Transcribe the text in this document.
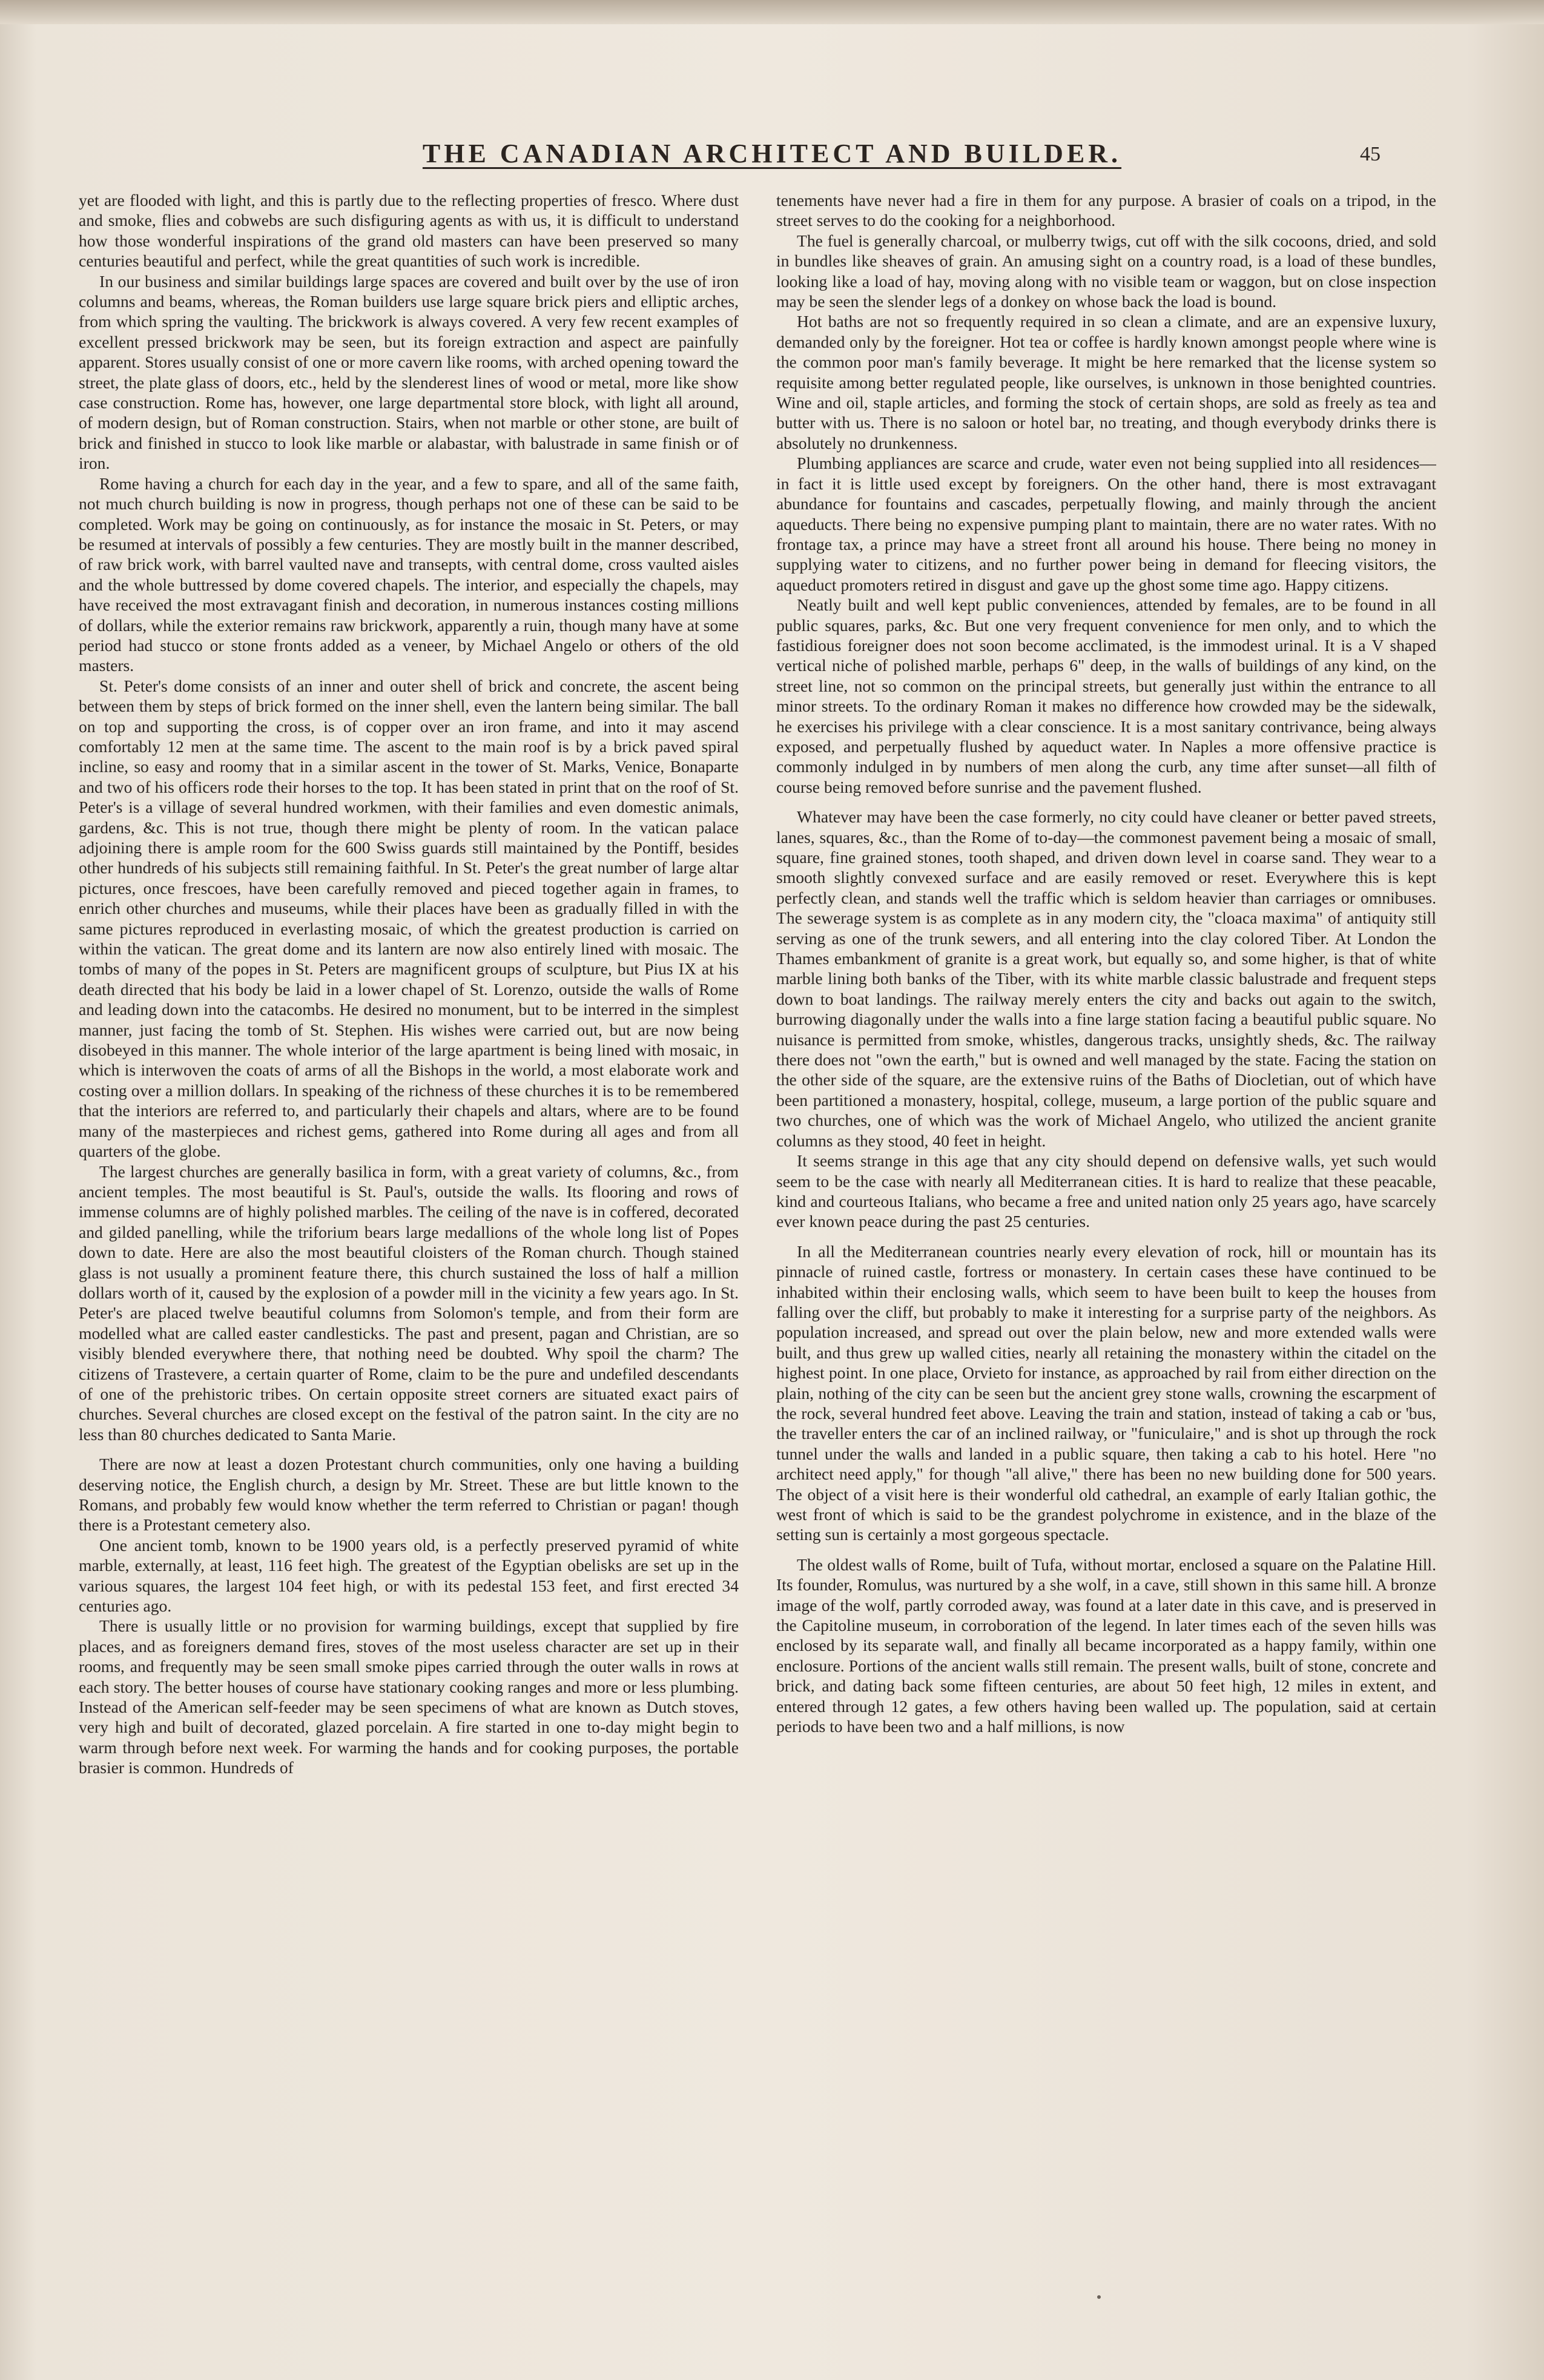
THE CANADIAN ARCHITECT AND BUILDER.	45

yet are flooded with light, and this is partly due to the reflecting properties of fresco. Where dust and smoke, flies and cobwebs are such disfiguring agents as with us, it is difficult to understand how those wonderful inspirations of the grand old masters can have been preserved so many centuries beautiful and perfect, while the great quantities of such work is incredible.

In our business and similar buildings large spaces are covered and built over by the use of iron columns and beams, whereas, the Roman builders use large square brick piers and elliptic arches, from which spring the vaulting. The brickwork is always covered. A very few recent examples of excellent pressed brickwork may be seen, but its foreign extraction and aspect are painfully apparent. Stores usually consist of one or more cavern like rooms, with arched opening toward the street, the plate glass of doors, etc., held by the slenderest lines of wood or metal, more like show case construction. Rome has, however, one large departmental store block, with light all around, of modern design, but of Roman construction. Stairs, when not marble or other stone, are built of brick and finished in stucco to look like marble or alabastar, with balustrade in same finish or of iron.

Rome having a church for each day in the year, and a few to spare, and all of the same faith, not much church building is now in progress, though perhaps not one of these can be said to be completed. Work may be going on continuously, as for instance the mosaic in St. Peters, or may be resumed at intervals of possibly a few centuries. They are mostly built in the manner described, of raw brick work, with barrel vaulted nave and transepts, with central dome, cross vaulted aisles and the whole buttressed by dome covered chapels. The interior, and especially the chapels, may have received the most extravagant finish and decoration, in numerous instances costing millions of dollars, while the exterior remains raw brickwork, apparently a ruin, though many have at some period had stucco or stone fronts added as a veneer, by Michael Angelo or others of the old masters.

St. Peter's dome consists of an inner and outer shell of brick and concrete, the ascent being between them by steps of brick formed on the inner shell, even the lantern being similar. The ball on top and supporting the cross, is of copper over an iron frame, and into it may ascend comfortably 12 men at the same time. The ascent to the main roof is by a brick paved spiral incline, so easy and roomy that in a similar ascent in the tower of St. Marks, Venice, Bonaparte and two of his officers rode their horses to the top. It has been stated in print that on the roof of St. Peter's is a village of several hundred workmen, with their families and even domestic animals, gardens, &c. This is not true, though there might be plenty of room. In the vatican palace adjoining there is ample room for the 600 Swiss guards still maintained by the Pontiff, besides other hundreds of his subjects still remaining faithful. In St. Peter's the great number of large altar pictures, once frescoes, have been carefully removed and pieced together again in frames, to enrich other churches and museums, while their places have been as gradually filled in with the same pictures reproduced in everlasting mosaic, of which the greatest production is carried on within the vatican. The great dome and its lantern are now also entirely lined with mosaic. The tombs of many of the popes in St. Peters are magnificent groups of sculpture, but Pius IX at his death directed that his body be laid in a lower chapel of St. Lorenzo, outside the walls of Rome and leading down into the catacombs. He desired no monument, but to be interred in the simplest manner, just facing the tomb of St. Stephen. His wishes were carried out, but are now being disobeyed in this manner. The whole interior of the large apartment is being lined with mosaic, in which is interwoven the coats of arms of all the Bishops in the world, a most elaborate work and costing over a million dollars. In speaking of the richness of these churches it is to be remembered that the interiors are referred to, and particularly their chapels and altars, where are to be found many of the masterpieces and richest gems, gathered into Rome during all ages and from all quarters of the globe.

The largest churches are generally basilica in form, with a great variety of columns, &c., from ancient temples. The most beautiful is St. Paul's, outside the walls. Its flooring and rows of immense columns are of highly polished marbles. The ceiling of the nave is in coffered, decorated and gilded panelling, while the triforium bears large medallions of the whole long list of Popes down to date. Here are also the most beautiful cloisters of the Roman church. Though stained glass is not usually a prominent feature there, this church sustained the loss of half a million dollars worth of it, caused by the explosion of a powder mill in the vicinity a few years ago. In St. Peter's are placed twelve beautiful columns from Solomon's temple, and from their form are modelled what are called easter candlesticks. The past and present, pagan and Christian, are so visibly blended everywhere there, that nothing need be doubted. Why spoil the charm? The citizens of Trastevere, a certain quarter of Rome, claim to be the pure and undefiled descendants of one of the prehistoric tribes. On certain opposite street corners are situated exact pairs of churches. Several churches are closed except on the festival of the patron saint. In the city are no less than 80 churches dedicated to Santa Marie.

There are now at least a dozen Protestant church communities, only one having a building deserving notice, the English church, a design by Mr. Street. These are but little known to the Romans, and probably few would know whether the term referred to Christian or pagan! though there is a Protestant cemetery also.

One ancient tomb, known to be 1900 years old, is a perfectly preserved pyramid of white marble, externally, at least, 116 feet high. The greatest of the Egyptian obelisks are set up in the various squares, the largest 104 feet high, or with its pedestal 153 feet, and first erected 34 centuries ago.

There is usually little or no provision for warming buildings, except that supplied by fire places, and as foreigners demand fires, stoves of the most useless character are set up in their rooms, and frequently may be seen small smoke pipes carried through the outer walls in rows at each story. The better houses of course have stationary cooking ranges and more or less plumbing. Instead of the American self-feeder may be seen specimens of what are known as Dutch stoves, very high and built of decorated, glazed porcelain. A fire started in one to-day might begin to warm through before next week. For warming the hands and for cooking purposes, the portable brasier is common. Hundreds of

tenements have never had a fire in them for any purpose. A brasier of coals on a tripod, in the street serves to do the cooking for a neighborhood.

The fuel is generally charcoal, or mulberry twigs, cut off with the silk cocoons, dried, and sold in bundles like sheaves of grain. An amusing sight on a country road, is a load of these bundles, looking like a load of hay, moving along with no visible team or waggon, but on close inspection may be seen the slender legs of a donkey on whose back the load is bound.

Hot baths are not so frequently required in so clean a climate, and are an expensive luxury, demanded only by the foreigner. Hot tea or coffee is hardly known amongst people where wine is the common poor man's family beverage. It might be here remarked that the license system so requisite among better regulated people, like ourselves, is unknown in those benighted countries. Wine and oil, staple articles, and forming the stock of certain shops, are sold as freely as tea and butter with us. There is no saloon or hotel bar, no treating, and though everybody drinks there is absolutely no drunkenness.

Plumbing appliances are scarce and crude, water even not being supplied into all residences—in fact it is little used except by foreigners. On the other hand, there is most extravagant abundance for fountains and cascades, perpetually flowing, and mainly through the ancient aqueducts. There being no expensive pumping plant to maintain, there are no water rates. With no frontage tax, a prince may have a street front all around his house. There being no money in supplying water to citizens, and no further power being in demand for fleecing visitors, the aqueduct promoters retired in disgust and gave up the ghost some time ago. Happy citizens.

Neatly built and well kept public conveniences, attended by females, are to be found in all public squares, parks, &c. But one very frequent convenience for men only, and to which the fastidious foreigner does not soon become acclimated, is the immodest urinal. It is a V shaped vertical niche of polished marble, perhaps 6" deep, in the walls of buildings of any kind, on the street line, not so common on the principal streets, but generally just within the entrance to all minor streets. To the ordinary Roman it makes no difference how crowded may be the sidewalk, he exercises his privilege with a clear conscience. It is a most sanitary contrivance, being always exposed, and perpetually flushed by aqueduct water. In Naples a more offensive practice is commonly indulged in by numbers of men along the curb, any time after sunset—all filth of course being removed before sunrise and the pavement flushed.

Whatever may have been the case formerly, no city could have cleaner or better paved streets, lanes, squares, &c., than the Rome of to-day—the commonest pavement being a mosaic of small, square, fine grained stones, tooth shaped, and driven down level in coarse sand. They wear to a smooth slightly convexed surface and are easily removed or reset. Everywhere this is kept perfectly clean, and stands well the traffic which is seldom heavier than carriages or omnibuses. The sewerage system is as complete as in any modern city, the "cloaca maxima" of antiquity still serving as one of the trunk sewers, and all entering into the clay colored Tiber. At London the Thames embankment of granite is a great work, but equally so, and some higher, is that of white marble lining both banks of the Tiber, with its white marble classic balustrade and frequent steps down to boat landings. The railway merely enters the city and backs out again to the switch, burrowing diagonally under the walls into a fine large station facing a beautiful public square. No nuisance is permitted from smoke, whistles, dangerous tracks, unsightly sheds, &c. The railway there does not "own the earth," but is owned and well managed by the state. Facing the station on the other side of the square, are the extensive ruins of the Baths of Diocletian, out of which have been partitioned a monastery, hospital, college, museum, a large portion of the public square and two churches, one of which was the work of Michael Angelo, who utilized the ancient granite columns as they stood, 40 feet in height.

It seems strange in this age that any city should depend on defensive walls, yet such would seem to be the case with nearly all Mediterranean cities. It is hard to realize that these peacable, kind and courteous Italians, who became a free and united nation only 25 years ago, have scarcely ever known peace during the past 25 centuries.

In all the Mediterranean countries nearly every elevation of rock, hill or mountain has its pinnacle of ruined castle, fortress or monastery. In certain cases these have continued to be inhabited within their enclosing walls, which seem to have been built to keep the houses from falling over the cliff, but probably to make it interesting for a surprise party of the neighbors. As population increased, and spread out over the plain below, new and more extended walls were built, and thus grew up walled cities, nearly all retaining the monastery within the citadel on the highest point. In one place, Orvieto for instance, as approached by rail from either direction on the plain, nothing of the city can be seen but the ancient grey stone walls, crowning the escarpment of the rock, several hundred feet above. Leaving the train and station, instead of taking a cab or 'bus, the traveller enters the car of an inclined railway, or "funiculaire," and is shot up through the rock tunnel under the walls and landed in a public square, then taking a cab to his hotel. Here "no architect need apply," for though "all alive," there has been no new building done for 500 years. The object of a visit here is their wonderful old cathedral, an example of early Italian gothic, the west front of which is said to be the grandest polychrome in existence, and in the blaze of the setting sun is certainly a most gorgeous spectacle.

The oldest walls of Rome, built of Tufa, without mortar, enclosed a square on the Palatine Hill. Its founder, Romulus, was nurtured by a she wolf, in a cave, still shown in this same hill. A bronze image of the wolf, partly corroded away, was found at a later date in this cave, and is preserved in the Capitoline museum, in corroboration of the legend. In later times each of the seven hills was enclosed by its separate wall, and finally all became incorporated as a happy family, within one enclosure. Portions of the ancient walls still remain. The present walls, built of stone, concrete and brick, and dating back some fifteen centuries, are about 50 feet high, 12 miles in extent, and entered through 12 gates, a few others having been walled up. The population, said at certain periods to have been two and a half millions, is now
